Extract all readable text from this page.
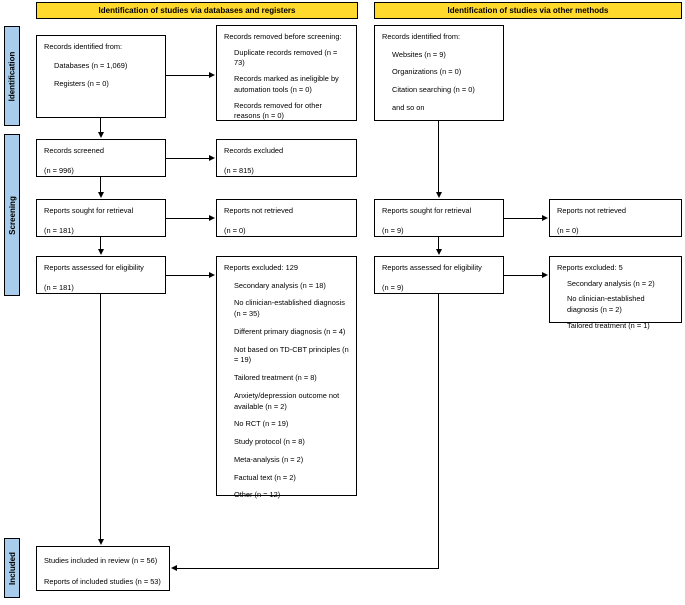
Identification of studies via databases and registers	Identification of studies via other methods
Identification
Screening
Included
Records identified from:
Databases (n = 1,069)
Registers (n = 0)
Records removed before screening:
Duplicate records removed (n = 73)
Records marked as ineligible by automation tools (n = 0)
Records removed for other reasons (n = 0)
Records identified from:
Websites (n = 9)
Organizations (n = 0)
Citation searching (n = 0)
and so on
Records screened
(n = 996)
Records excluded
(n = 815)
Reports sought for retrieval
(n = 181)
Reports not retrieved
(n = 0)
Reports sought for retrieval
(n = 9)
Reports not retrieved
(n = 0)
Reports assessed for eligibility
(n = 181)
Reports excluded: 129
Secondary analysis (n = 18)
No clinician-established diagnosis (n = 35)
Different primary diagnosis (n = 4)
Not based on TD-CBT principles (n = 19)
Tailored treatment (n = 8)
Anxiety/depression outcome not available (n = 2)
No RCT (n = 19)
Study protocol (n = 8)
Meta-analysis (n = 2)
Factual text (n = 2)
Other (n = 12)
Reports assessed for eligibility
(n = 9)
Reports excluded: 5
Secondary analysis (n = 2)
No clinician-established diagnosis (n = 2)
Tailored treatment (n = 1)
Studies included in review (n = 56)
Reports of included studies (n = 53)
